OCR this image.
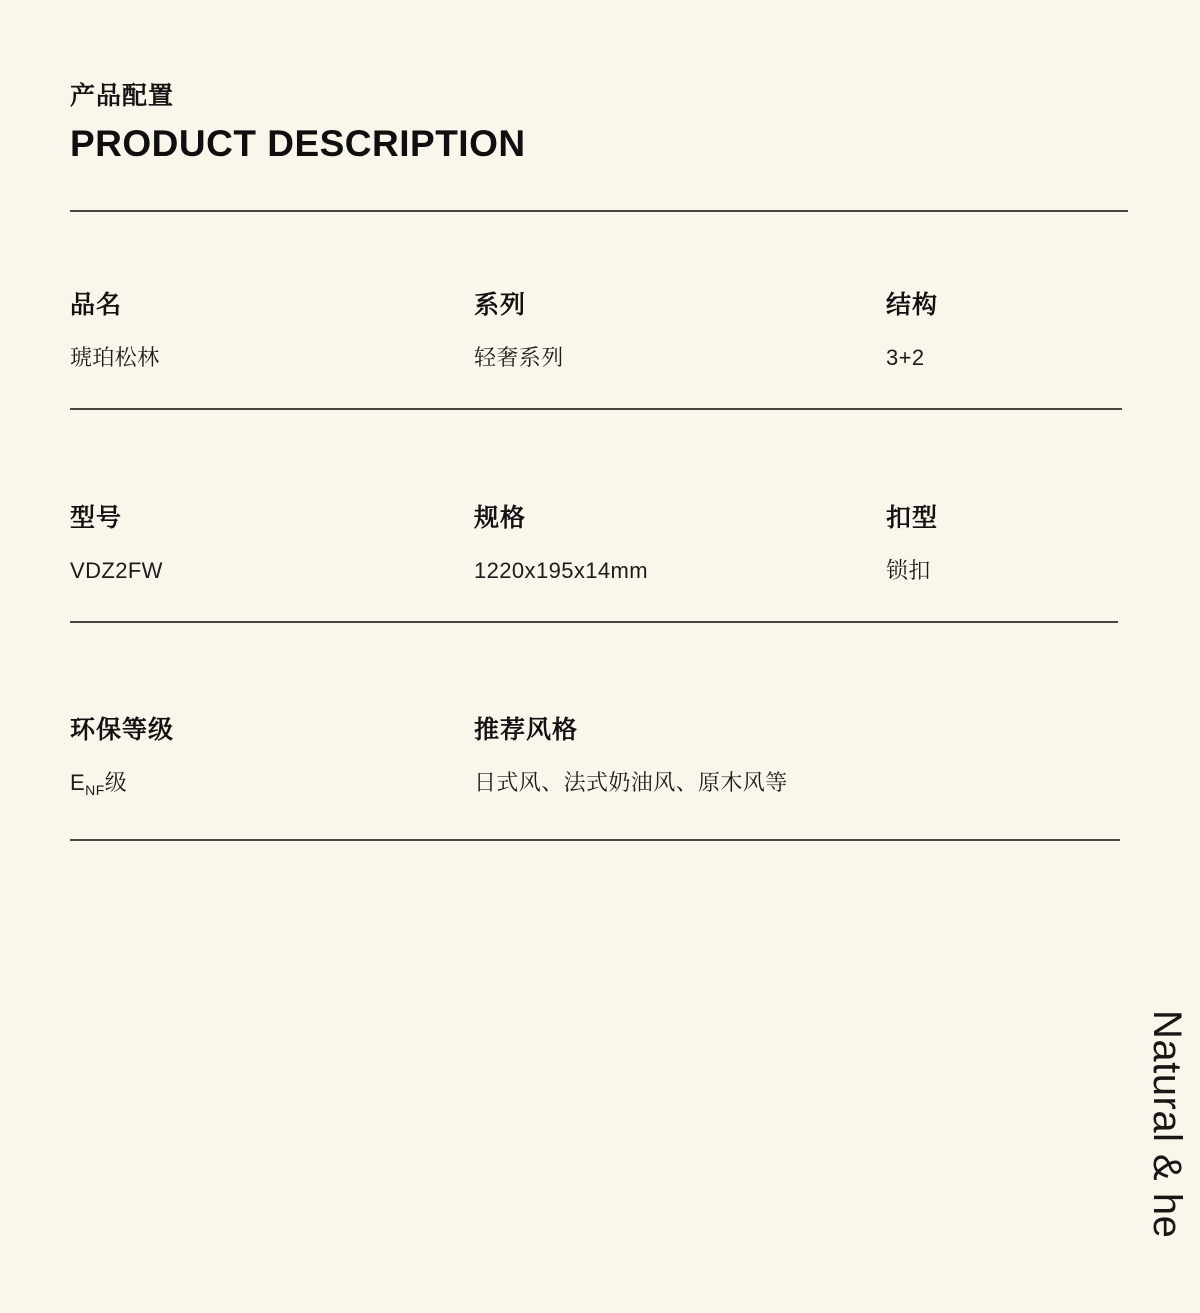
产品配置
PRODUCT DESCRIPTION
品名
琥珀松林
系列
轻奢系列
结构
3+2
型号
VDZ2FW
规格
1220x195x14mm
扣型
锁扣
环保等级
$E_{NF}$级
推荐风格
日式风、法式奶油风、原木风等
Natural & he
